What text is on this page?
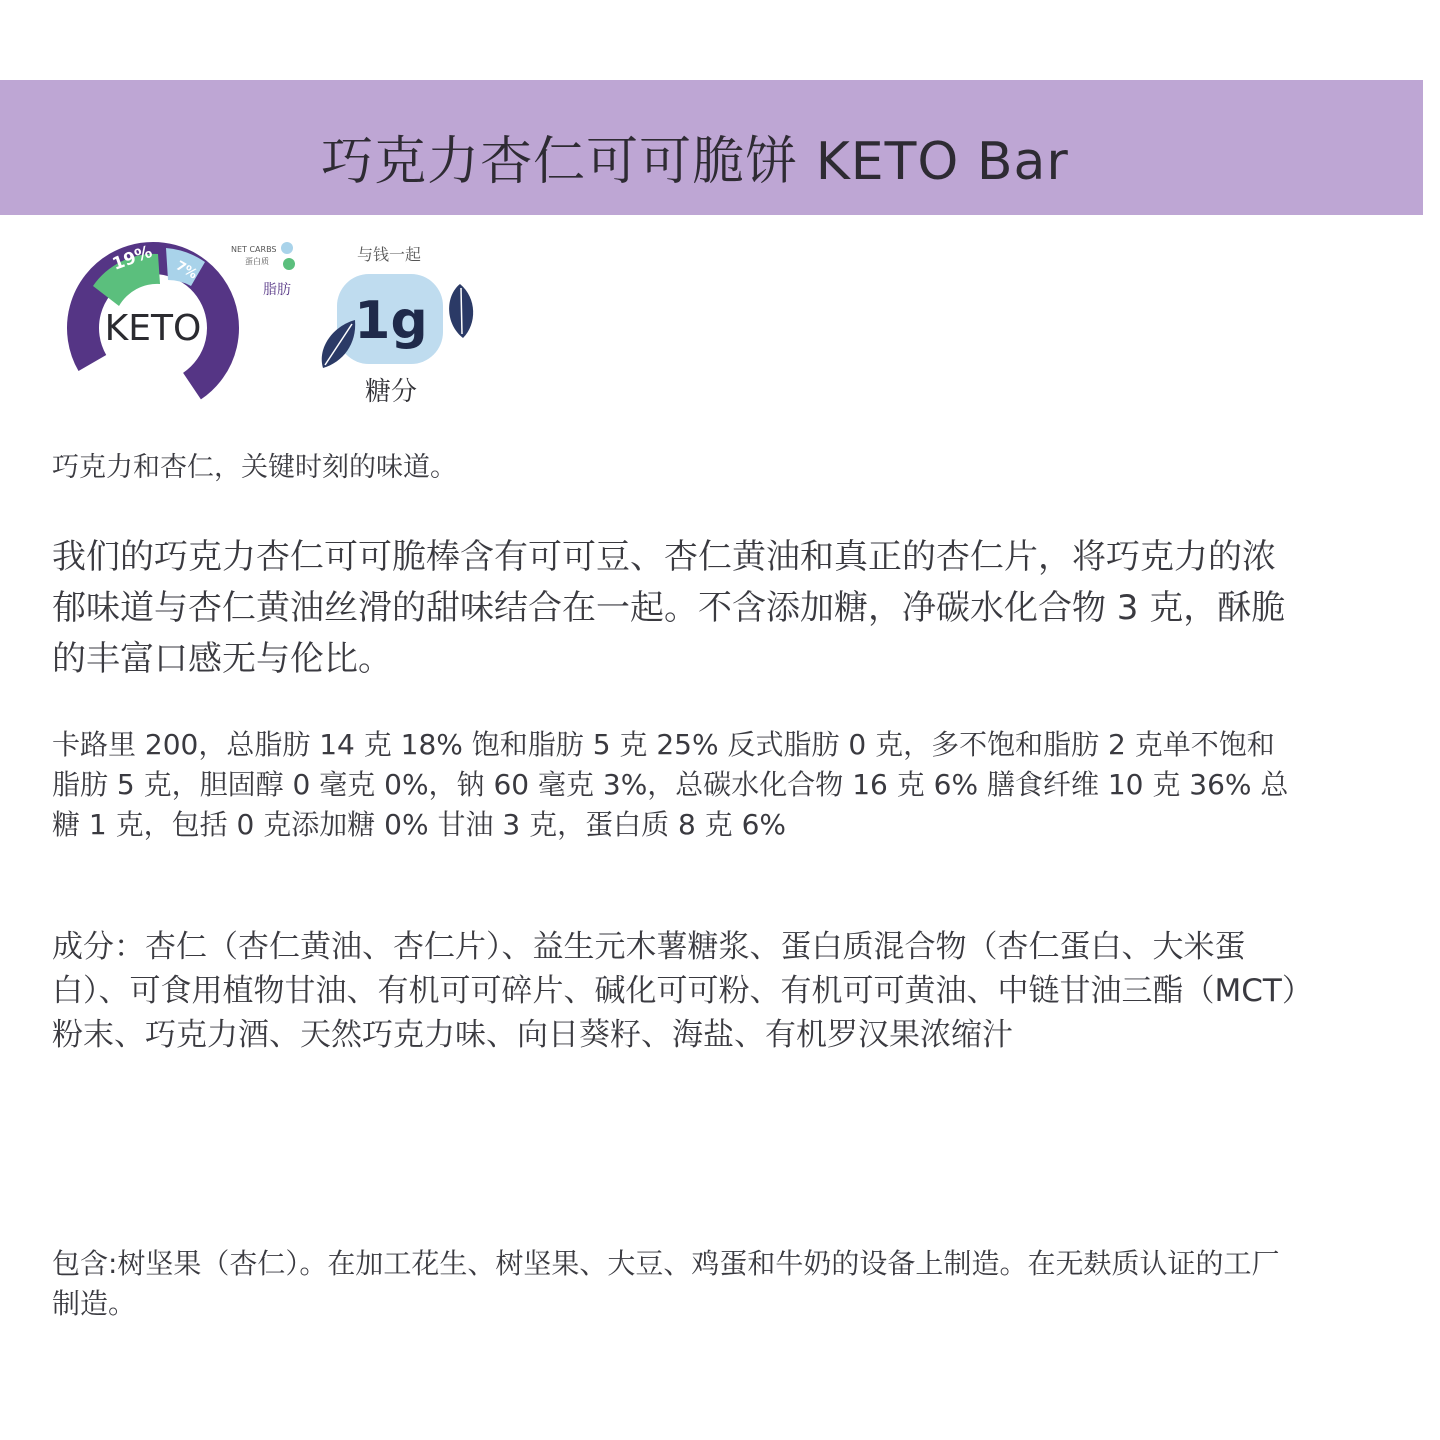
巧克力杏仁可可脆饼 KETO Bar
KETO
19% 7%
74%
NET CARBS
蛋白质
脂肪
与钱一起
1g
糖分
巧克力和杏仁，关键时刻的味道。
我们的巧克力杏仁可可脆棒含有可可豆、杏仁黄油和真正的杏仁片，将巧克力的浓郁味道与杏仁黄油丝滑的甜味结合在一起。不含添加糖，净碳水化合物 3 克，酥脆的丰富口感无与伦比。
卡路里 200，总脂肪 14 克 18% 饱和脂肪 5 克 25% 反式脂肪 0 克，多不饱和脂肪 2 克单不饱和脂肪 5 克，胆固醇 0 毫克 0%，钠 60 毫克 3%，总碳水化合物 16 克 6% 膳食纤维 10 克 36% 总糖 1 克，包括 0 克添加糖 0% 甘油 3 克，蛋白质 8 克 6%
成分：杏仁（杏仁黄油、杏仁片）、益生元木薯糖浆、蛋白质混合物（杏仁蛋白、大米蛋白）、可食用植物甘油、有机可可碎片、碱化可可粉、有机可可黄油、中链甘油三酯（MCT）粉末、巧克力酒、天然巧克力味、向日葵籽、海盐、有机罗汉果浓缩汁
包含:树坚果（杏仁）。在加工花生、树坚果、大豆、鸡蛋和牛奶的设备上制造。在无麸质认证的工厂制造。
